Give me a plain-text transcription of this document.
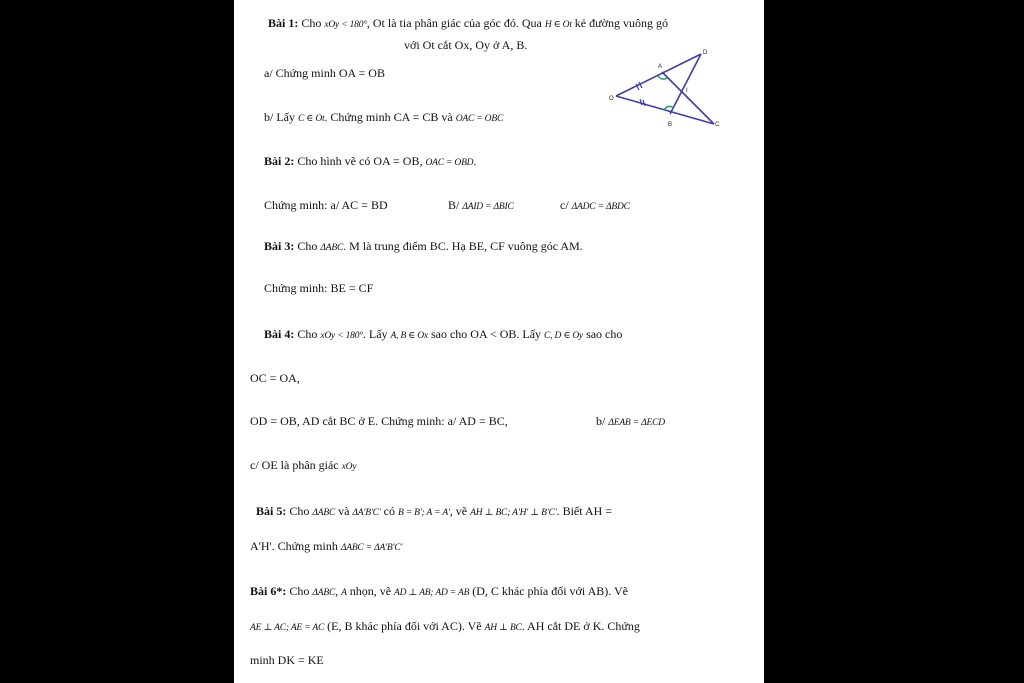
Bài 1: Cho xOy < 180°, Ot là tia phân giác của góc đó. Qua H ∈ Ot kẻ đường vuông gó
với Ot cắt Ox, Oy ở A, B.
a/ Chứng minh OA = OB
b/ Lấy C ∈ Ot. Chứng minh CA = CB và OAC = OBC
O
A
B	C
D
I
Bài 2: Cho hình vẽ có OA = OB, OAC = OBD.
Chứng minh: a/ AC = BD	B/ ΔAID = ΔBIC	c/ ΔADC = ΔBDC
Bài 3: Cho ΔABC. M là trung điểm BC. Hạ BE, CF vuông góc AM.
Chứng minh: BE = CF
Bài 4: Cho xOy < 180°. Lấy A, B ∈ Ox sao cho OA < OB. Lấy C, D ∈ Oy sao cho
OC = OA,
OD = OB, AD cắt BC ở E. Chứng minh: a/ AD = BC,	b/ ΔEAB = ΔECD
c/ OE là phân giác xOy
Bài 5: Cho ΔABC và ΔA'B'C' có B = B'; A = A', vẽ AH ⊥ BC; A'H' ⊥ B'C'. Biết AH =
A'H'. Chứng minh ΔABC = ΔA'B'C'
Bài 6*: Cho ΔABC, A nhọn, vẽ AD ⊥ AB; AD = AB (D, C khác phía đối với AB). Vẽ
AE ⊥ AC; AE = AC (E, B khác phía đối với AC). Vẽ AH ⊥ BC. AH cắt DE ở K. Chứng
minh DK = KE
